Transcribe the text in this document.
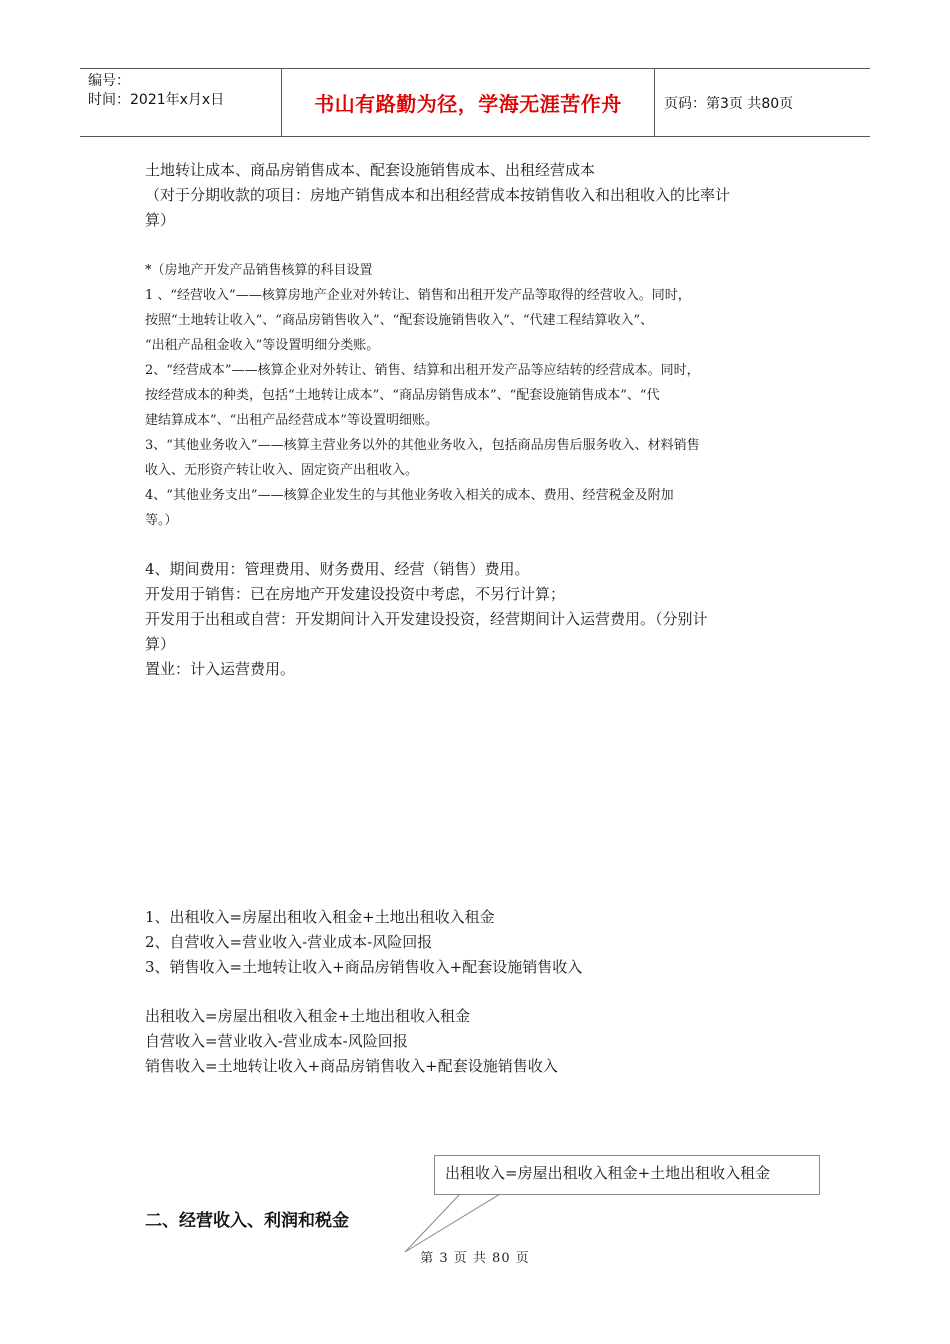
编号：
时间：2021年x月x日	书山有路勤为径，学海无涯苦作舟	页码：第3页 共80页
土地转让成本、商品房销售成本、配套设施销售成本、出租经营成本
（对于分期收款的项目：房地产销售成本和出租经营成本按销售收入和出租收入的比率计
算）
*（房地产开发产品销售核算的科目设置
1 、“经营收入”——核算房地产企业对外转让、销售和出租开发产品等取得的经营收入。同时，
按照“土地转让收入”、“商品房销售收入”、“配套设施销售收入”、“代建工程结算收入”、
“出租产品租金收入”等设置明细分类账。
2、“经营成本”——核算企业对外转让、销售、结算和出租开发产品等应结转的经营成本。同时，
按经营成本的种类，包括“土地转让成本”、“商品房销售成本”、“配套设施销售成本”、“代
建结算成本”、“出租产品经营成本”等设置明细账。
3、“其他业务收入”——核算主营业务以外的其他业务收入，包括商品房售后服务收入、材料销售
收入、无形资产转让收入、固定资产出租收入。
4、“其他业务支出”——核算企业发生的与其他业务收入相关的成本、费用、经营税金及附加
等。）
4、期间费用：管理费用、财务费用、经营（销售）费用。
开发用于销售：已在房地产开发建设投资中考虑，不另行计算；
开发用于出租或自营：开发期间计入开发建设投资，经营期间计入运营费用。（分别计
算）
置业：计入运营费用。
1、出租收入=房屋出租收入租金+土地出租收入租金
2、自营收入=营业收入-营业成本-风险回报
3、销售收入=土地转让收入+商品房销售收入+配套设施销售收入
出租收入=房屋出租收入租金+土地出租收入租金
自营收入=营业收入-营业成本-风险回报
销售收入=土地转让收入+商品房销售收入+配套设施销售收入
出租收入=房屋出租收入租金+土地出租收入租金
二、经营收入、利润和税金
第 3 页 共 80 页
